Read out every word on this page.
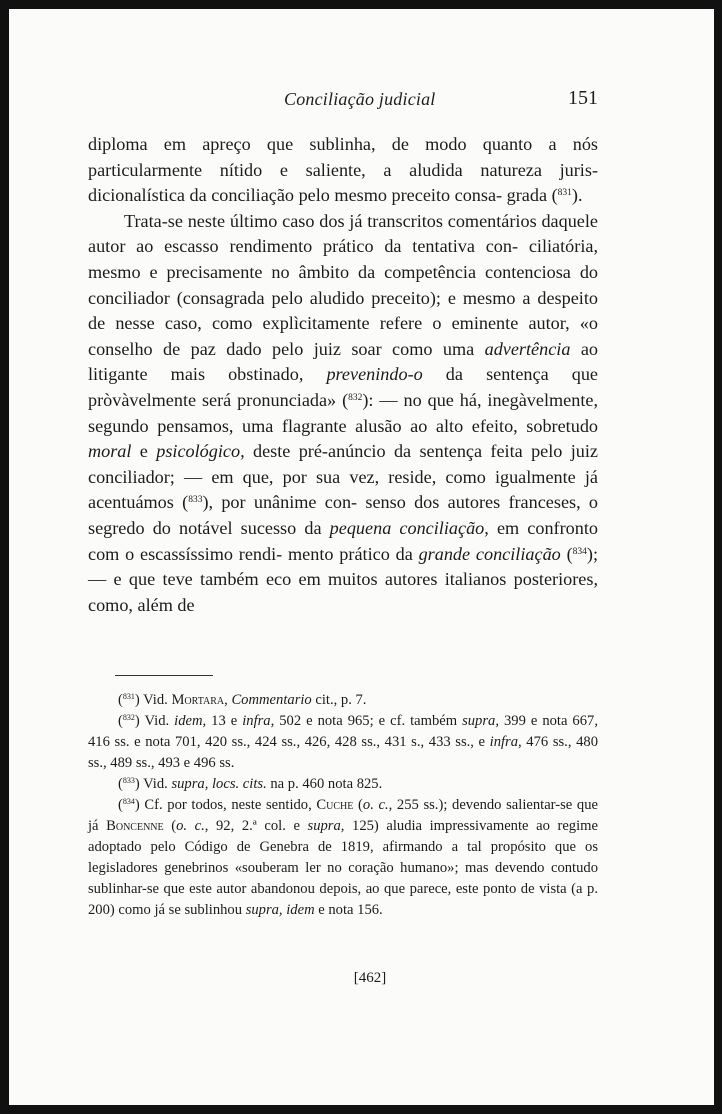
Conciliação judicial	151

diploma em apreço que sublinha, de modo quanto a nós particularmente nítido e saliente, a aludida natureza juris- dicionalística da conciliação pelo mesmo preceito consa- grada ($^{831}$).

Trata-se neste último caso dos já transcritos comentários daquele autor ao escasso rendimento prático da tentativa con- ciliatória, mesmo e precisamente no âmbito da competência contenciosa do conciliador (consagrada pelo aludido preceito); e mesmo a despeito de nesse caso, como explìcitamente refere o eminente autor, «o conselho de paz dado pelo juiz soar como uma advertência ao litigante mais obstinado, prevenindo-o da sentença que pròvàvelmente será pronunciada» ($^{832}$): — no que há, inegàvelmente, segundo pensamos, uma flagrante alusão ao alto efeito, sobretudo moral e psicológico, deste pré-anúncio da sentença feita pelo juiz conciliador; — em que, por sua vez, reside, como igualmente já acentuámos ($^{833}$), por unânime con- senso dos autores franceses, o segredo do notável sucesso da pequena conciliação, em confronto com o escassíssimo rendi- mento prático da grande conciliação ($^{834}$); — e que teve também eco em muitos autores italianos posteriores, como, além de

($^{831}$) Vid. Mortara, Commentario cit., p. 7.

($^{832}$) Vid. idem, 13 e infra, 502 e nota 965; e cf. também supra, 399 e nota 667, 416 ss. e nota 701, 420 ss., 424 ss., 426, 428 ss., 431 s., 433 ss., e infra, 476 ss., 480 ss., 489 ss., 493 e 496 ss.

($^{833}$) Vid. supra, locs. cits. na p. 460 nota 825.

($^{834}$) Cf. por todos, neste sentido, Cuche (o. c., 255 ss.); devendo salientar-se que já Boncenne (o. c., 92, 2.ª col. e supra, 125) aludia impressivamente ao regime adoptado pelo Código de Genebra de 1819, afirmando a tal propósito que os legisladores genebrinos «souberam ler no coração humano»; mas devendo contudo sublinhar-se que este autor abandonou depois, ao que parece, este ponto de vista (a p. 200) como já se sublinhou supra, idem e nota 156.

[462]
